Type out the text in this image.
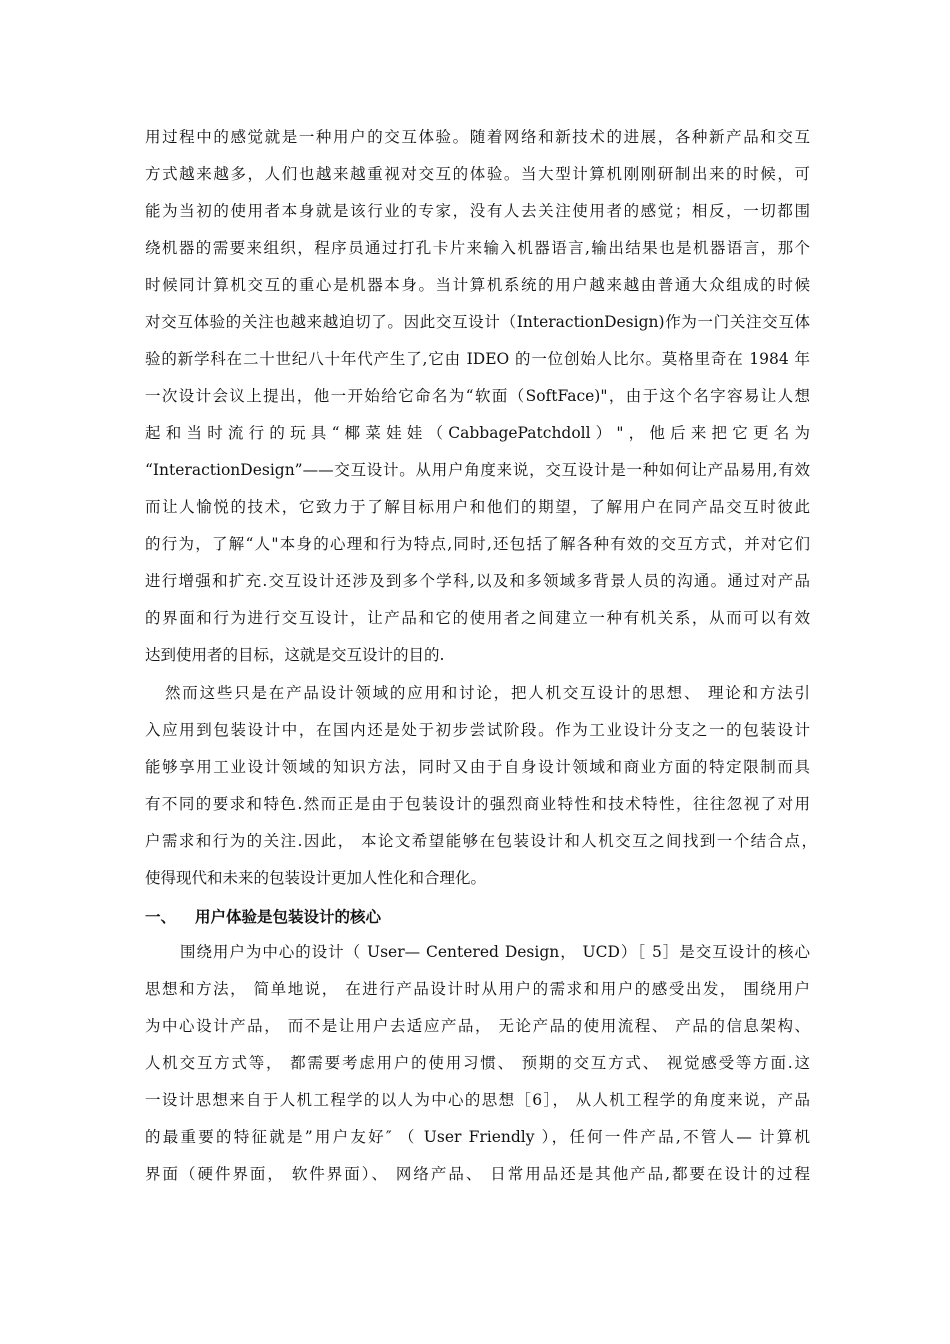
用过程中的感觉就是一种用户的交互体验。随着网络和新技术的进展，各种新产品和交互
方式越来越多，人们也越来越重视对交互的体验。当大型计算机刚刚研制出来的时候，可
能为当初的使用者本身就是该行业的专家，没有人去关注使用者的感觉；相反，一切都围
绕机器的需要来组织，程序员通过打孔卡片来输入机器语言,输出结果也是机器语言，那个
时候同计算机交互的重心是机器本身。当计算机系统的用户越来越由普通大众组成的时候
对交互体验的关注也越来越迫切了。因此交互设计（InteractionDesign)作为一门关注交互体
验的新学科在二十世纪八十年代产生了,它由 IDEO 的一位创始人比尔。莫格里奇在 1984 年
一次设计会议上提出，他一开始给它命名为“软面（SoftFace)"，由于这个名字容易让人想
起 和 当 时 流 行 的 玩 具 “ 椰 菜 娃 娃 （ CabbagePatchdoll ） " ， 他 后 来 把 它 更 名 为
“InteractionDesign”——交互设计。从用户角度来说，交互设计是一种如何让产品易用,有效
而让人愉悦的技术，它致力于了解目标用户和他们的期望，了解用户在同产品交互时彼此
的行为，了解“人"本身的心理和行为特点,同时,还包括了解各种有效的交互方式，并对它们
进行增强和扩充.交互设计还涉及到多个学科,以及和多领域多背景人员的沟通。通过对产品
的界面和行为进行交互设计，让产品和它的使用者之间建立一种有机关系，从而可以有效
达到使用者的目标，这就是交互设计的目的.
然而这些只是在产品设计领域的应用和讨论，把人机交互设计的思想、 理论和方法引
入应用到包装设计中，在国内还是处于初步尝试阶段。作为工业设计分支之一的包装设计
能够享用工业设计领域的知识方法，同时又由于自身设计领域和商业方面的特定限制而具
有不同的要求和特色.然而正是由于包装设计的强烈商业特性和技术特性，往往忽视了对用
户需求和行为的关注.因此， 本论文希望能够在包装设计和人机交互之间找到一个结合点，
使得现代和未来的包装设计更加人性化和合理化。
一、 用户体验是包装设计的核心
围绕用户为中心的设计（ User— Centered Design， UCD）［ 5］是交互设计的核心
思想和方法， 简单地说， 在进行产品设计时从用户的需求和用户的感受出发， 围绕用户
为中心设计产品， 而不是让用户去适应产品， 无论产品的使用流程、 产品的信息架构、
人机交互方式等， 都需要考虑用户的使用习惯、 预期的交互方式、 视觉感受等方面.这
一设计思想来自于人机工程学的以人为中心的思想［6］， 从人机工程学的角度来说，产品
的最重要的特征就是”用户友好″ （ User Friendly ），任何一件产品,不管人— 计算机
界面（硬件界面， 软件界面）、 网络产品、 日常用品还是其他产品,都要在设计的过程
